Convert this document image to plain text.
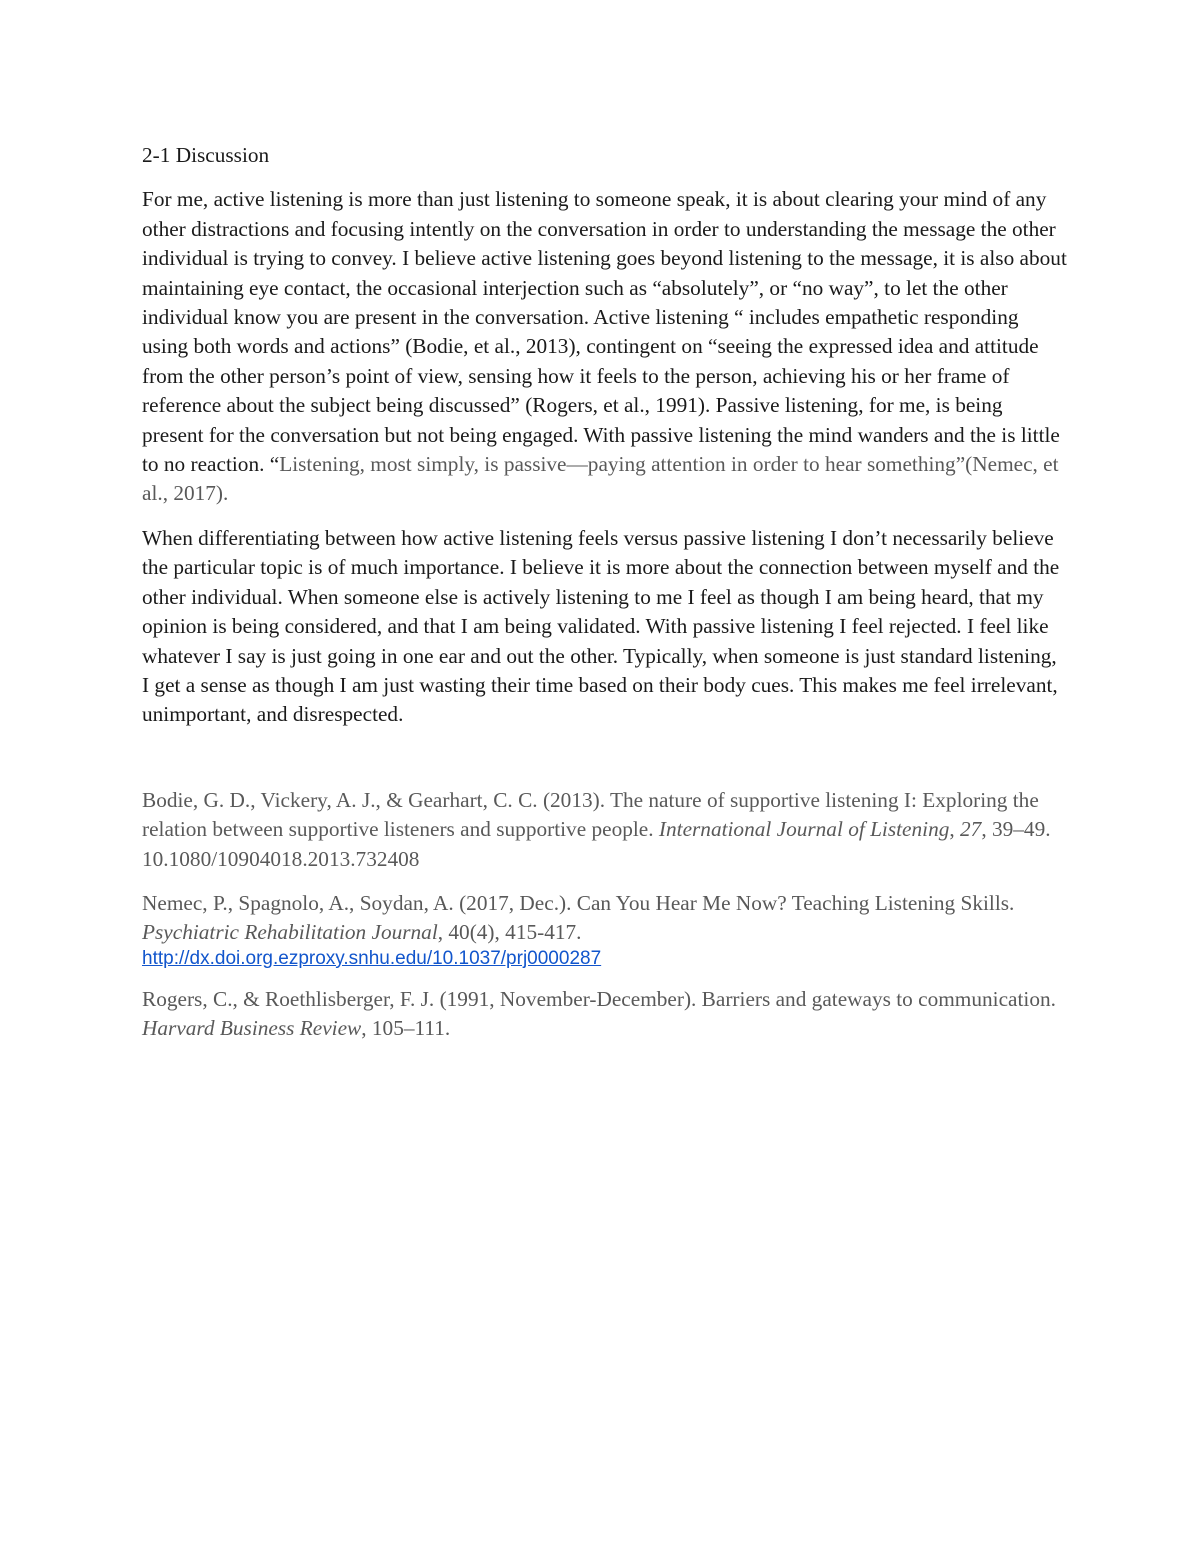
2-1 Discussion

For me, active listening is more than just listening to someone speak, it is about clearing your mind of any other distractions and focusing intently on the conversation in order to understanding the message the other individual is trying to convey. I believe active listening goes beyond listening to the message, it is also about maintaining eye contact, the occasional interjection such as “absolutely”, or “no way”, to let the other individual know you are present in the conversation. Active listening “ includes empathetic responding using both words and actions” (Bodie, et al., 2013), contingent on “seeing the expressed idea and attitude from the other person’s point of view, sensing how it feels to the person, achieving his or her frame of reference about the subject being discussed” (Rogers, et al., 1991). Passive listening, for me, is being present for the conversation but not being engaged. With passive listening the mind wanders and the is little to no reaction. “Listening, most simply, is passive—paying attention in order to hear something”(Nemec, et al., 2017).

When differentiating between how active listening feels versus passive listening I don’t necessarily believe the particular topic is of much importance. I believe it is more about the connection between myself and the other individual. When someone else is actively listening to me I feel as though I am being heard, that my opinion is being considered, and that I am being validated. With passive listening I feel rejected. I feel like whatever I say is just going in one ear and out the other. Typically, when someone is just standard listening, I get a sense as though I am just wasting their time based on their body cues. This makes me feel irrelevant, unimportant, and disrespected.

Bodie, G. D., Vickery, A. J., & Gearhart, C. C. (2013). The nature of supportive listening I: Exploring the relation between supportive listeners and supportive people. International Journal of Listening, 27, 39–49. 10.1080/10904018.2013.732408
Nemec, P., Spagnolo, A., Soydan, A. (2017, Dec.). Can You Hear Me Now? Teaching Listening Skills. Psychiatric Rehabilitation Journal, 40(4), 415-417.
http://dx.doi.org.ezproxy.snhu.edu/10.1037/prj0000287
Rogers, C., & Roethlisberger, F. J. (1991, November-December). Barriers and gateways to communication. Harvard Business Review, 105–111.
